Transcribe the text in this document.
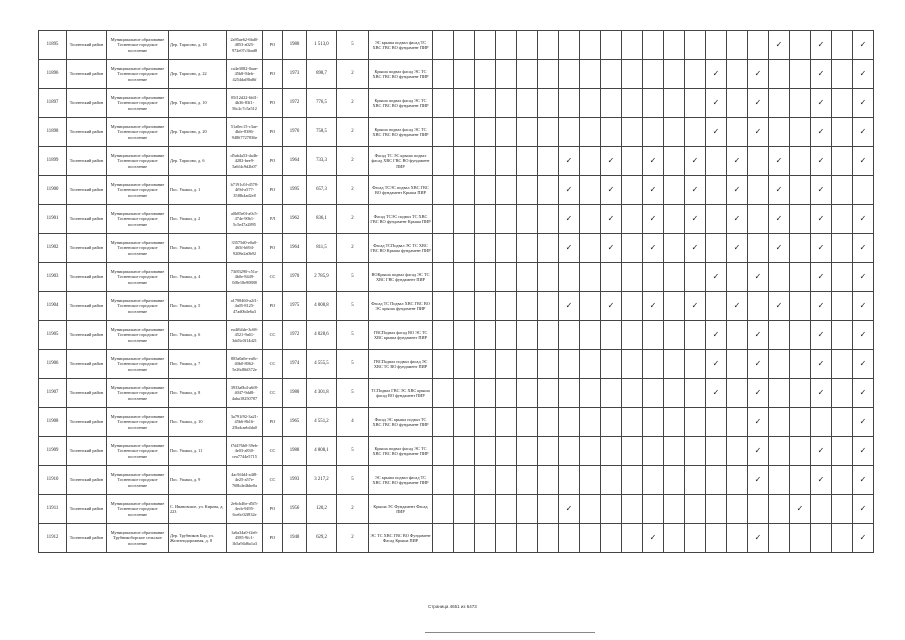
11895	Тосненский район	Муниципальное образование Тосненское городское поселение	Дер. Тарасово, д. 18	2a95ae62-6bd0-4853-a025-972e07c3bad8	РО	1980	1 513,0	5	ЭС крыша подвал фасад ТС ХВС ГВС ВО фундамент ПИР																	✓		✓		✓
11896	Тосненский район	Муниципальное образование Тосненское городское поселение	Дер. Тарасово, д. 22	ca4e3082-0aae-45b8-94eb-4254daf8bd6f	РО	1973	898,7	2	Крыша подвал фасад ЭС ТС ХВС ГВС ВО фундамент ПИР														✓		✓			✓		✓
11897	Тосненский район	Муниципальное образование Тосненское городское поселение	Дер. Тарасово, д. 10	05f12d22-6fd1-4b36-83f1-56c2c7c5a512	РО	1972	776,5	2	Крыша подвал фасад ЭС ТС ХВС ГВС ВО фундамент ПИР														✓		✓			✓		✓
11898	Тосненский район	Муниципальное образование Тосненское городское поселение	Дер. Тарасово, д. 20	51a0ec15-c3ae-4bfe-8386-94867727836e	РО	1976	758,5	2	Крыша подвал фасад ЭС ТС ХВС ГВС ВО фундамент ПИР														✓		✓			✓		✓
11899	Тосненский район	Муниципальное образование Тосненское городское поселение	Дер. Тарасово, д. 6	d5ab4a53-da4b-4282-bee9-5a6f4c9d2b07	РО	1964	733,3	2	Фасад ТС ЭС крыша подвал фасад ХВС ГВС ВО фундамент ПИР							✓		✓		✓		✓		✓		✓		✓		✓
11900	Тосненский район	Муниципальное образование Тосненское городское поселение	Пос. Ушаки, д. 1	b7191c0f-d578-4f9d-a577-35f8b4ad2e8	РО	1995	657,3	2	Фасад ТСЭС подвал ХВС ГВС ВО фундамент Крыша ПИР							✓		✓		✓		✓		✓		✓		✓		
11901	Тосненский район	Муниципальное образование Тосненское городское поселение	Пос. Ушаки, д. 2	a0b85e0f-a0c5-474e-90b1-5c5e47a2895	РЛ	1962	836,1	2	Фасад ТСЭС подвал ТС ХВС ГВС ВО фундамент Крыша ПИР							✓		✓		✓		✓		✓		✓		✓		✓
11902	Тосненский район	Муниципальное образование Тосненское городское поселение	Пос. Ушаки, д. 3	33575d0-e0a0-465f-b694-9208e2a0b92	РО	1964	811,5	2	Фасад ТСПодвал ЭС ТС ХВС ГВС ВО Крыша фундамент ПИР							✓		✓		✓		✓		✓		✓		✓		✓
11903	Тосненский район	Муниципальное образование Тосненское городское поселение	Пос. Ушаки, д. 4	73f83290-c51a-4b0e-8449-0f8e18e90888	СС	1970	2 785,9	5	ВОКрыша подвал фасад ЭС ТС ХВС ГВС фундамент ПИР														✓		✓			✓		✓
11904	Тосненский район	Муниципальное образование Тосненское городское поселение	Пос. Ушаки, д. 5	a1798460-a2f1-4a05-8125-47ad0b4e6a3	РО	1975	4 008,8	5	Фасад ТС Подвал ХВС ГВС ВО ЭС крыша фундамент ПИР							✓		✓		✓		✓		✓		✓		✓		✓
11905	Тосненский район	Муниципальное образование Тосненское городское поселение	Пос. Ушаки, д. 6	ea4f64de-3c68-4521-9a61-3dd3c0f14d21	СС	1972	4 028,6	5	ГВСПодвал фасад ВО ЭС ТС ХВС крыша фундамент ПИР														✓		✓			✓		✓
11906	Тосненский район	Муниципальное образование Тосненское городское поселение	Пос. Ушаки, д. 7	805a0a0e-ea8c-40b0-8062-5e26d8fd372e	СС	1974	4 555,5	5	ГВСПодвал подвал фасад ЭС ХВС ТС ВО фундамент ПИР														✓		✓			✓		✓
11907	Тосненский район	Муниципальное образование Тосненское городское поселение	Пос. Ушаки, д. 8	3933a0b4-a6f8-4047-9dd8-4aba18250787	СС	1980	4 301,8	5	ТСПодвал ГВС ЭС ХВС крыша фасад ВО фундамент ПИР														✓		✓			✓		✓
11908	Тосненский район	Муниципальное образование Тосненское городское поселение	Пос. Ушаки, д. 10	3a791f92-3a21-45b6-8b16-25bdcaeb4da0	РО	1965	4 551,2	4	Фасад ЭС крыша подвал ТС ХВС ГВС ВО фундамент ПИР																✓					✓
11909	Тосненский район	Муниципальное образование Тосненское городское поселение	Пос. Ушаки, д. 11	f7d476b0-39eb-4e03-a830-cea7744e5715	СС	1988	4 808,1	5	Крыша подвал фасад ЭС ТС ХВС ГВС ВО фундамент ПИР																✓			✓		✓
11910	Тосненский район	Муниципальное образование Тосненское городское поселение	Пос. Ушаки, д. 9	4ac9f4d4-a4f8-4e25-a57e-768b4e4bbe0a	СС	1993	3 217,2	5	ЭС крыша подвал фасад ТС ХВС ГВС ВО фундамент ПИР																✓			✓		✓
11911	Тосненский район	Муниципальное образование Тосненское городское поселение	С. Ивановское, ул. Кирова, д. 223	2e6cb46e-d5f5-4ecb-9495-6ce6c02f832e	РО	1956	120,2	2	Крыша ЭС Фундамент Фасад ПИР							✓											✓			✓
11912	Тосненский район	Муниципальное образование Трубникоборское сельское поселение	Дер. Трубников Бор, ул. Железнодорожная, д. 8	1a6a34a0-f2e6-4585-9fc1-1b5a94d6a1a3	РО	1940	629,2	2	ЭС ТС ХВС ГВС ВО Фундамент Фасад Крыша ПИР											✓					✓					✓
Страница 4651 из 6473
